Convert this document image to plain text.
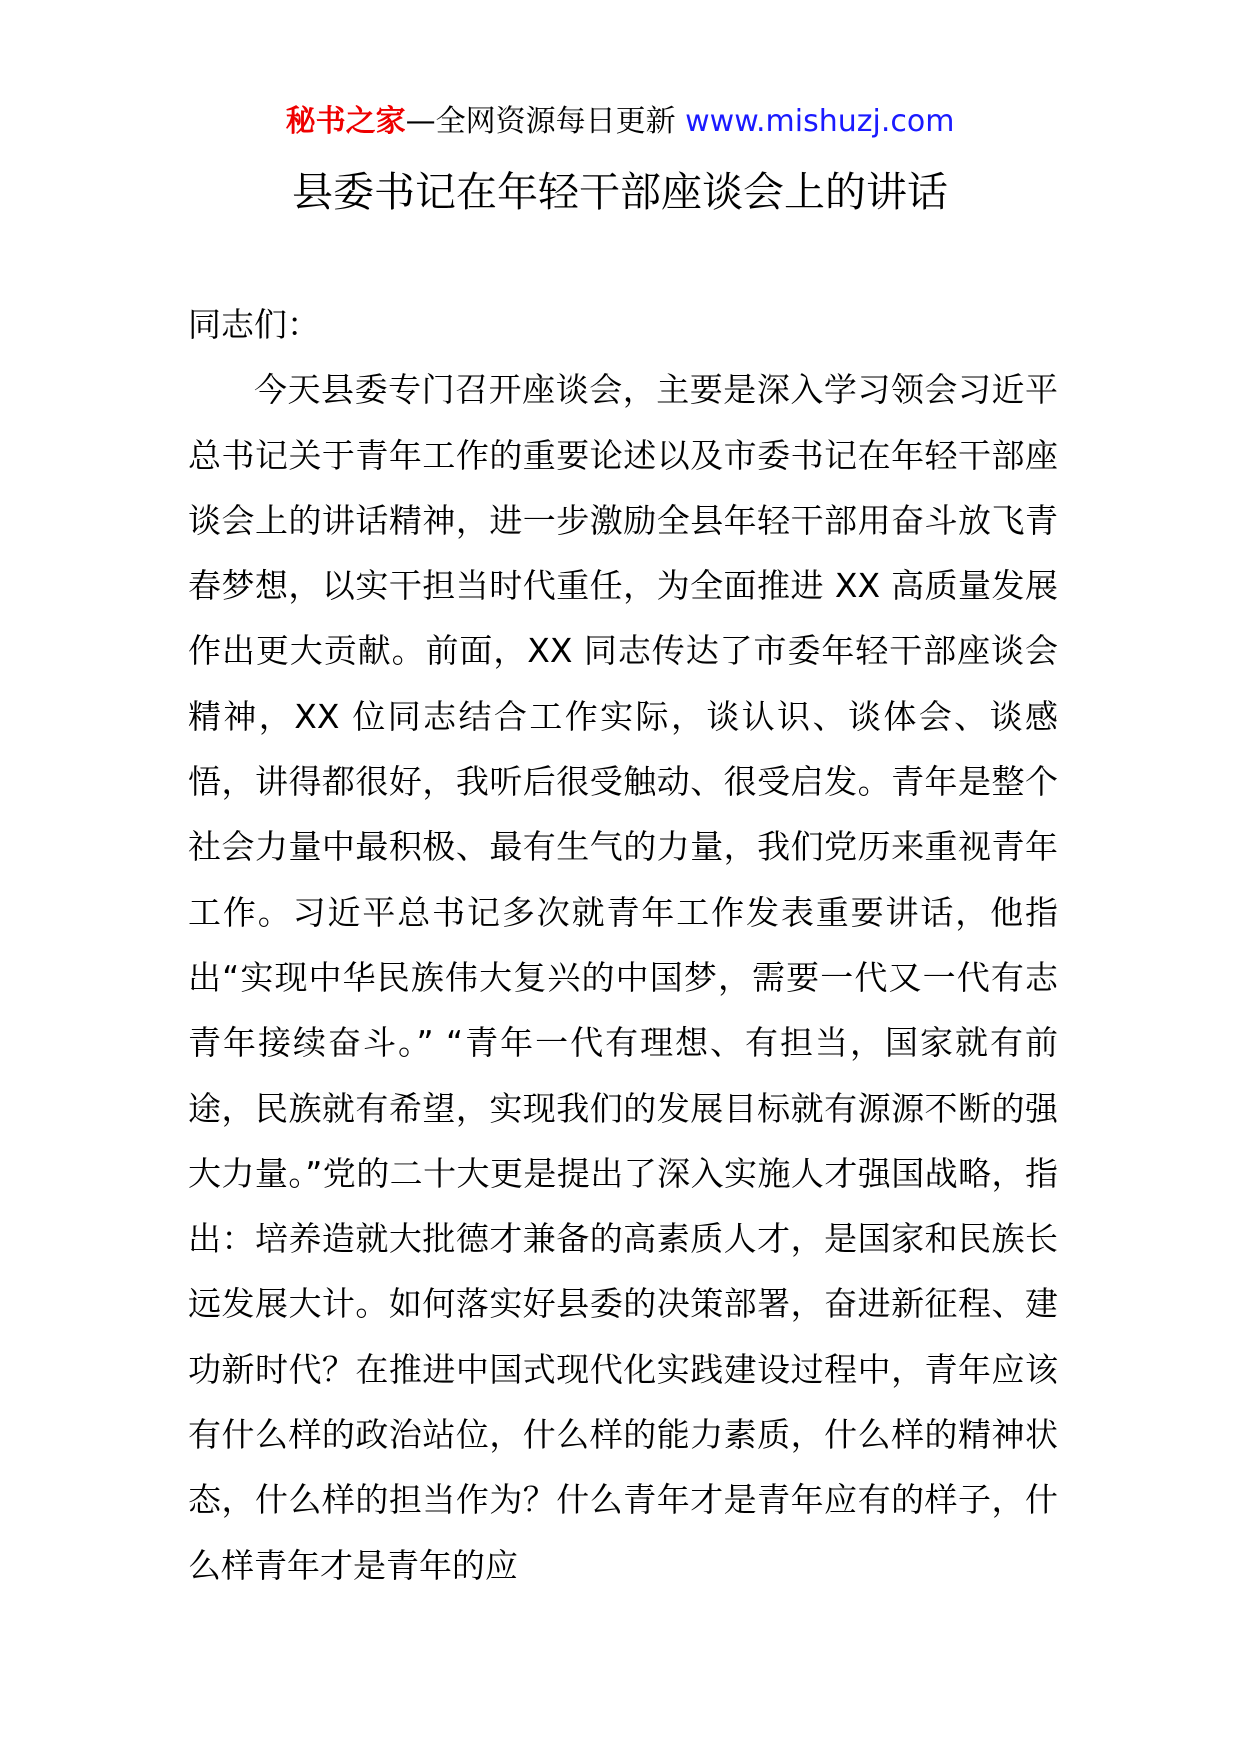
秘书之家—全网资源每日更新 www.mishuzj.com
县委书记在年轻干部座谈会上的讲话

同志们：

今天县委专门召开座谈会，主要是深入学习领会习近平总书记关于青年工作的重要论述以及市委书记在年轻干部座谈会上的讲话精神，进一步激励全县年轻干部用奋斗放飞青春梦想，以实干担当时代重任，为全面推进 XX 高质量发展作出更大贡献。前面，XX 同志传达了市委年轻干部座谈会精神，XX 位同志结合工作实际，谈认识、谈体会、谈感悟，讲得都很好，我听后很受触动、很受启发。青年是整个社会力量中最积极、最有生气的力量，我们党历来重视青年工作。习近平总书记多次就青年工作发表重要讲话，他指出“实现中华民族伟大复兴的中国梦，需要一代又一代有志青年接续奋斗。” “青年一代有理想、有担当，国家就有前途，民族就有希望，实现我们的发展目标就有源源不断的强大力量。”党的二十大更是提出了深入实施人才强国战略，指出：培养造就大批德才兼备的高素质人才，是国家和民族长远发展大计。如何落实好县委的决策部署，奋进新征程、建功新时代？在推进中国式现代化实践建设过程中，青年应该有什么样的政治站位，什么样的能力素质，什么样的精神状态，什么样的担当作为？什么青年才是青年应有的样子，什么样青年才是青年的应
